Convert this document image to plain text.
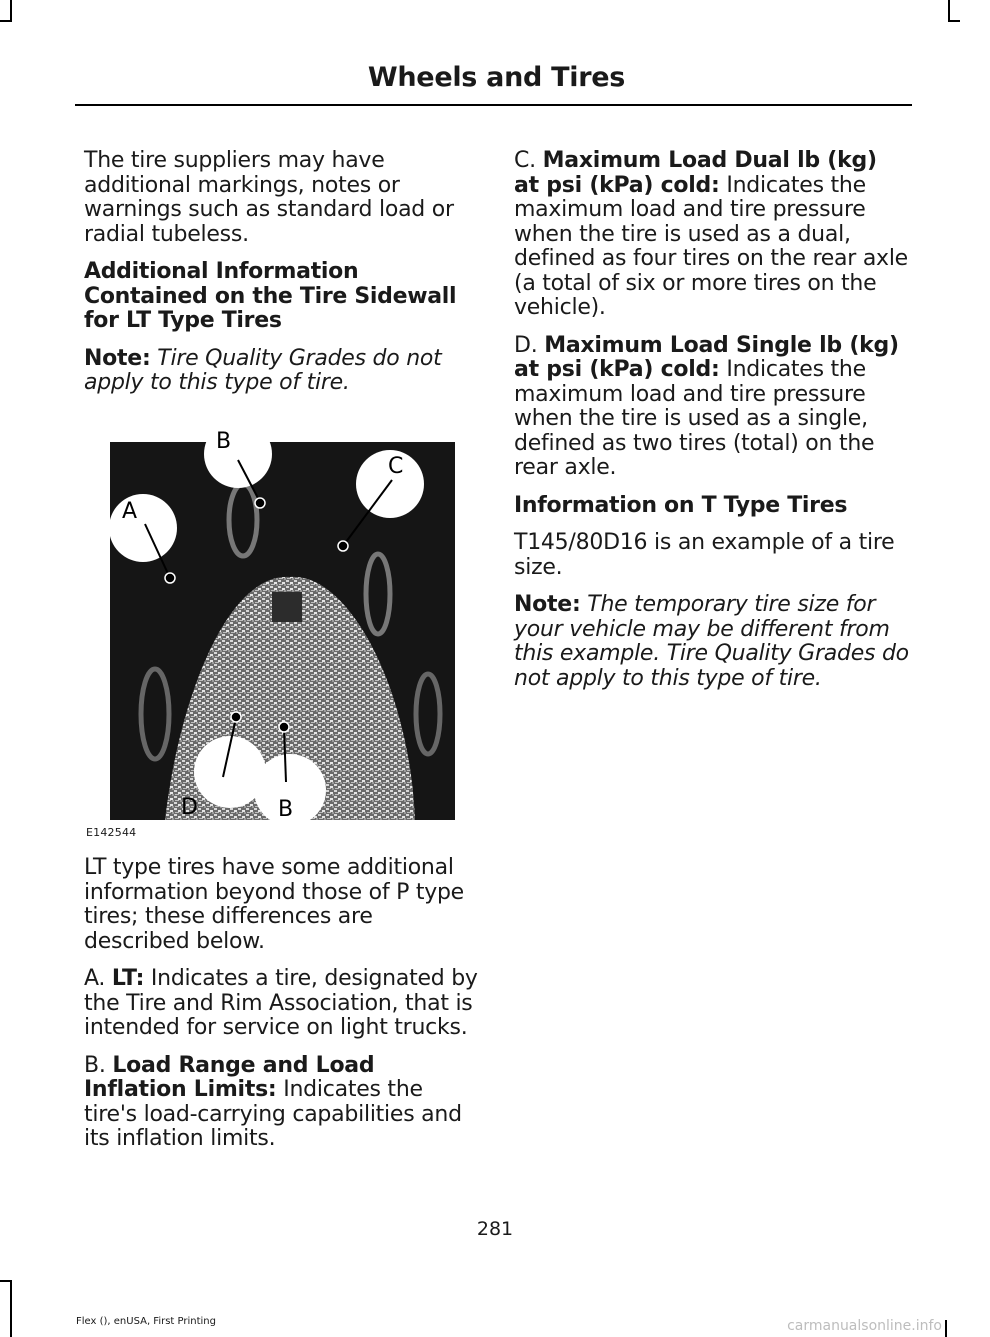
Wheels and Tires

The tire suppliers may have additional markings, notes or warnings such as standard load or radial tubeless.

Additional Information Contained on the Tire Sidewall for LT Type Tires

Note: Tire Quality Grades do not apply to this type of tire.

A
B
C
D	B
E142544

LT type tires have some additional information beyond those of P type tires; these differences are described below.

A. LT: Indicates a tire, designated by the Tire and Rim Association, that is intended for service on light trucks.

B. Load Range and Load Inflation Limits: Indicates the tire's load-carrying capabilities and its inflation limits.

C. Maximum Load Dual lb (kg) at psi (kPa) cold: Indicates the maximum load and tire pressure when the tire is used as a dual, defined as four tires on the rear axle (a total of six or more tires on the vehicle).

D. Maximum Load Single lb (kg) at psi (kPa) cold: Indicates the maximum load and tire pressure when the tire is used as a single, defined as two tires (total) on the rear axle.

Information on T Type Tires

T145/80D16 is an example of a tire size.

Note: The temporary tire size for your vehicle may be different from this example. Tire Quality Grades do not apply to this type of tire.

281
Flex (), enUSA, First Printing	carmanualsonline.info
